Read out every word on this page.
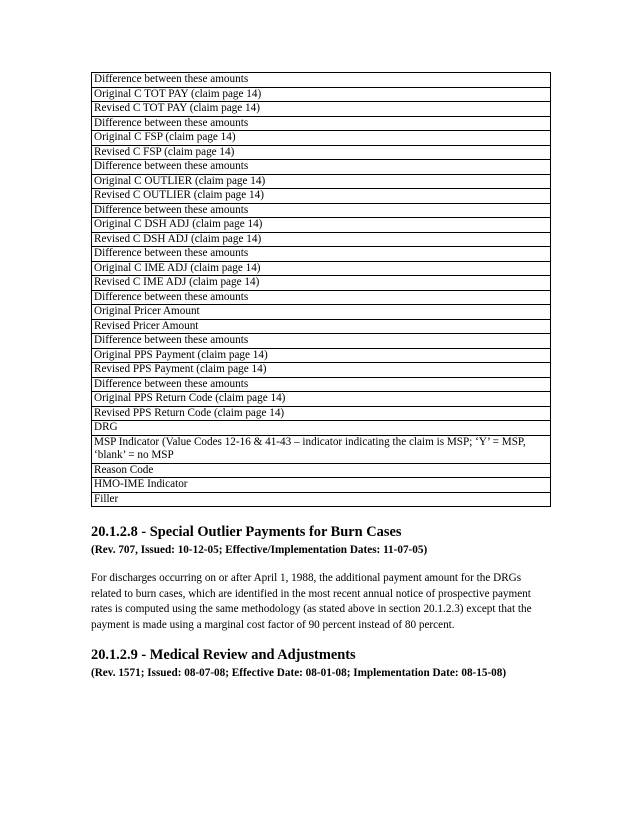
Difference between these amounts
Original C TOT PAY (claim page 14)
Revised C TOT PAY (claim page 14)
Difference between these amounts
Original C FSP (claim page 14)
Revised C FSP (claim page 14)
Difference between these amounts
Original C OUTLIER (claim page 14)
Revised C OUTLIER (claim page 14)
Difference between these amounts
Original C DSH ADJ (claim page 14)
Revised C DSH ADJ (claim page 14)
Difference between these amounts
Original C IME ADJ (claim page 14)
Revised C IME ADJ (claim page 14)
Difference between these amounts
Original Pricer Amount
Revised Pricer Amount
Difference between these amounts
Original PPS Payment (claim page 14)
Revised PPS Payment (claim page 14)
Difference between these amounts
Original PPS Return Code (claim page 14)
Revised PPS Return Code (claim page 14)
DRG
MSP Indicator (Value Codes 12-16 & 41-43 – indicator indicating the claim is MSP; ‘Y’ = MSP, ‘blank’ = no MSP
Reason Code
HMO-IME Indicator
Filler
20.1.2.8 - Special Outlier Payments for Burn Cases

(Rev. 707, Issued: 10-12-05; Effective/Implementation Dates: 11-07-05)

For discharges occurring on or after April 1, 1988, the additional payment amount for the DRGs related to burn cases, which are identified in the most recent annual notice of prospective payment rates is computed using the same methodology (as stated above in section 20.1.2.3) except that the payment is made using a marginal cost factor of 90 percent instead of 80 percent.

20.1.2.9 - Medical Review and Adjustments

(Rev. 1571; Issued: 08-07-08; Effective Date: 08-01-08; Implementation Date: 08-15-08)
